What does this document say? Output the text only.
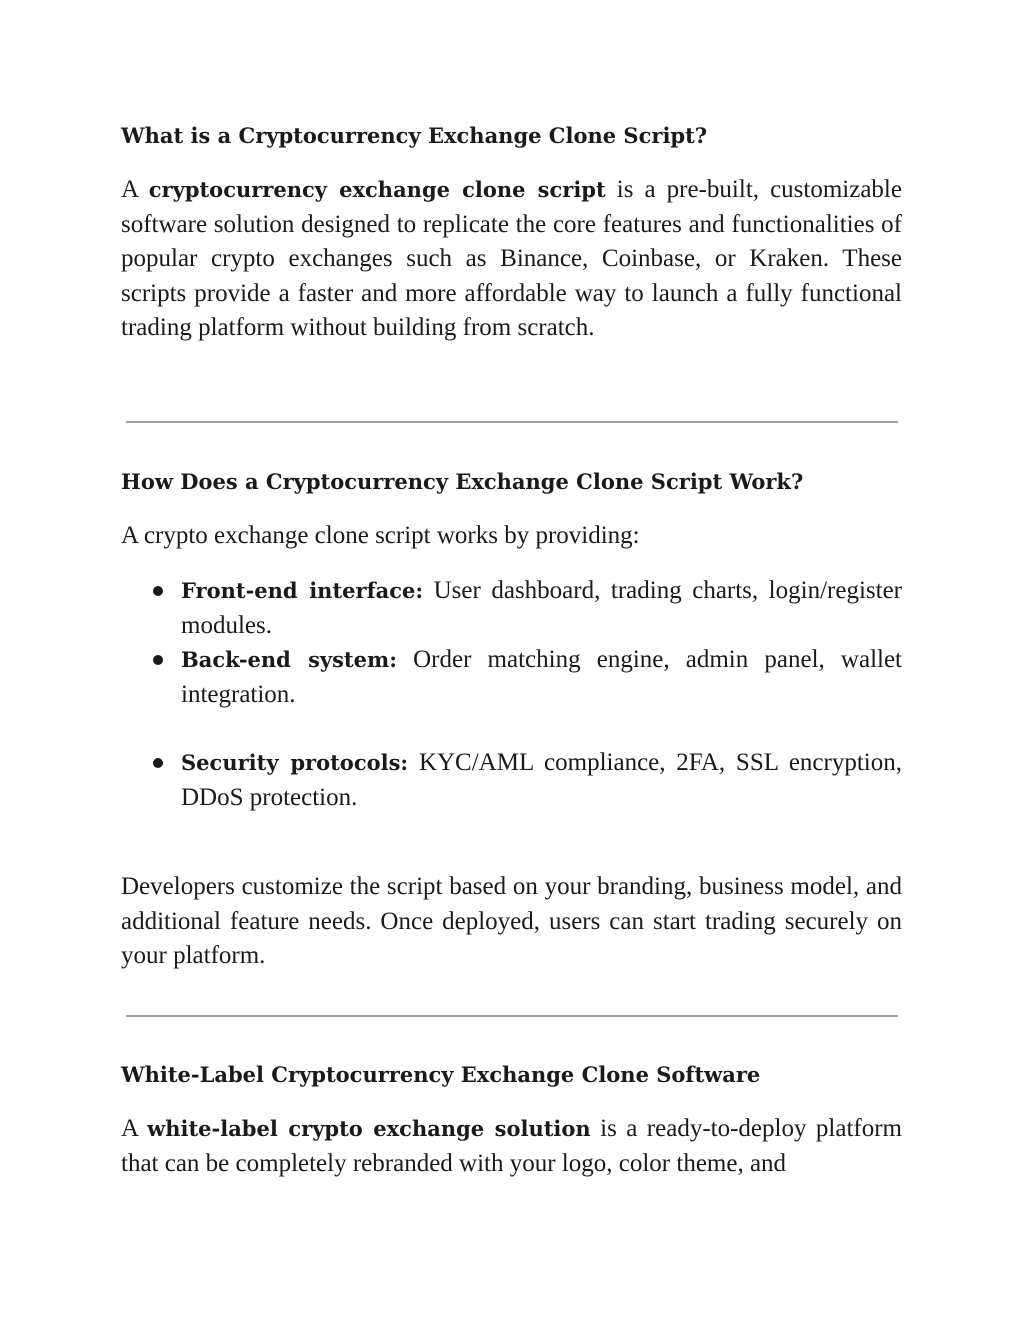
What is a Cryptocurrency Exchange Clone Script?

A cryptocurrency exchange clone script is a pre-built, customizable software solution designed to replicate the core features and functionalities of popular crypto exchanges such as Binance, Coinbase, or Kraken. These scripts provide a faster and more affordable way to launch a fully functional trading platform without building from scratch.

How Does a Cryptocurrency Exchange Clone Script Work?

A crypto exchange clone script works by providing:

Front-end interface: User dashboard, trading charts, login/register modules.
Back-end system: Order matching engine, admin panel, wallet integration.
Security protocols: KYC/AML compliance, 2FA, SSL encryption, DDoS protection.

Developers customize the script based on your branding, business model, and additional feature needs. Once deployed, users can start trading securely on your platform.

White-Label Cryptocurrency Exchange Clone Software

A white-label crypto exchange solution is a ready-to-deploy platform that can be completely rebranded with your logo, color theme, and
